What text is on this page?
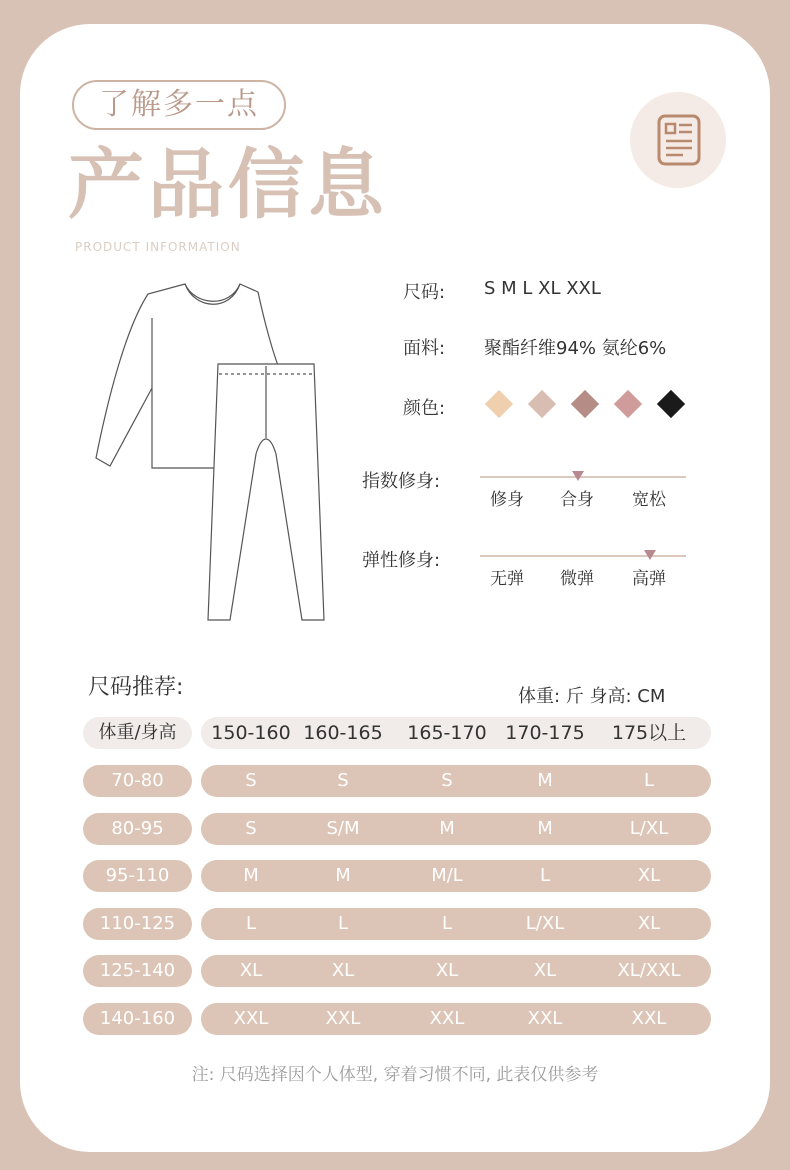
了解多一点
产品信息
PRODUCT INFORMATION
尺码: S M L XL XXL
面料: 聚酯纤维94% 氨纶6%
颜色:
指数修身:
修身 合身 宽松
弹性修身:
无弹 微弹 高弹
尺码推荐:	体重: 斤 身高: CM
体重/身高	150-160 160-165	165-170 170-175	175以上
70-80	S	S	S	M	L
80-95	S	S/M	M	M	L/XL
95-110	M	M	M/L	L	XL
110-125	L	L	L	L/XL	XL
125-140	XL	XL	XL	XL	XL/XXL
140-160	XXL	XXL	XXL	XXL	XXL
注: 尺码选择因个人体型, 穿着习惯不同, 此表仅供参考
